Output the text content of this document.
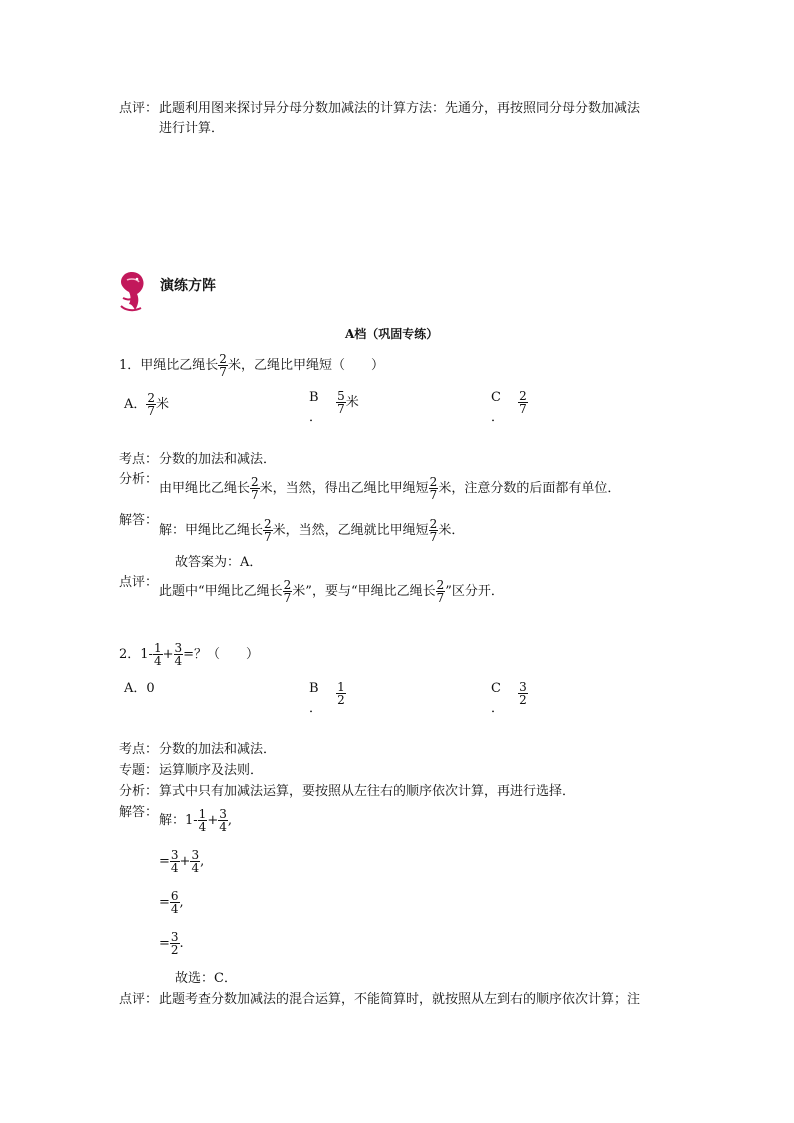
点评： 此题利用图来探讨异分母分数加减法的计算方法：先通分，再按照同分母分数加减法
进行计算．
演练方阵
A档（巩固专练）
1．甲绳比乙绳长 $\frac{2}{7}$ 米，乙绳比甲绳短（　　）
A． $\frac{2}{7}$ 米	B
．

$\frac{5}{7}$ 米	C
．

$\frac{2}{7}$
考点： 分数的加法和减法．
分析：
由甲绳比乙绳长 $\frac{2}{7}$ 米，当然，得出乙绳比甲绳短 $\frac{2}{7}$ 米，注意分数的后面都有单位．
解答：
解：甲绳比乙绳长 $\frac{2}{7}$ 米，当然，乙绳就比甲绳短 $\frac{2}{7}$ 米．
故答案为：A．
点评：
此题中“甲绳比乙绳长 $\frac{2}{7}$ 米”，要与“甲绳比乙绳长 $\frac{2}{7}$ ”区分开．
2．$1- \frac{1}{4} + \frac{3}{4}$ =？（　　）
A．0	B
．

$\frac{1}{2}$	C
．

$\frac{3}{2}$
考点： 分数的加法和减法．
专题： 运算顺序及法则．
分析： 算式中只有加减法运算，要按照从左往右的顺序依次计算，再进行选择．
解答：
解：$1- \frac{1}{4} + \frac{3}{4}$ ,
= $\frac{3}{4} + \frac{3}{4}$ ,
= $\frac{6}{4}$ ,
= $\frac{3}{2}$ .
故选：C．
点评： 此题考查分数加减法的混合运算，不能简算时，就按照从左到右的顺序依次计算；注
